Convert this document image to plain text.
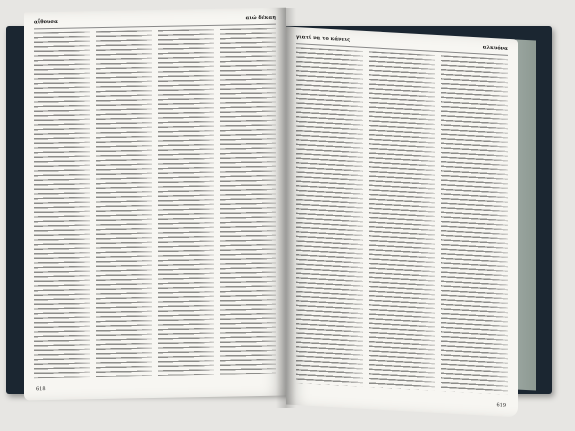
αΐθουσα
αιώ δέκαη
618
γιατί να το κάνεις
αλκυόνα
619
